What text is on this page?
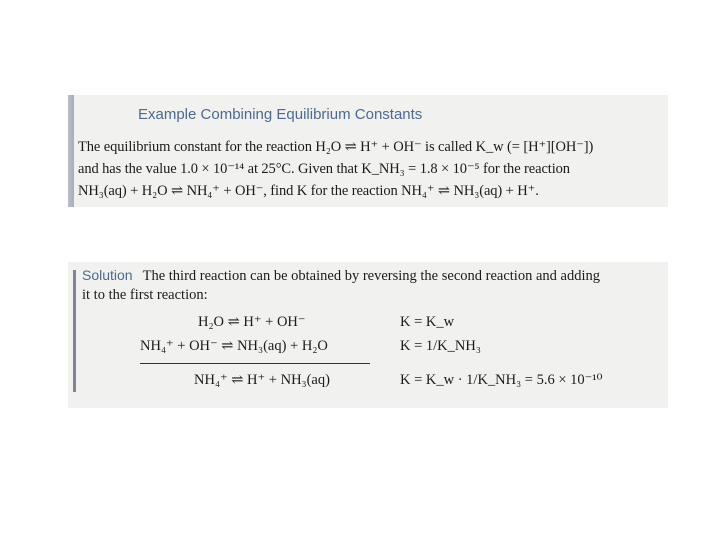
Example Combining Equilibrium Constants
The equilibrium constant for the reaction H₂O ⇌ H⁺ + OH⁻ is called K_w (= [H⁺][OH⁻])
and has the value 1.0 × 10⁻¹⁴ at 25°C. Given that K_NH₃ = 1.8 × 10⁻⁵ for the reaction
NH₃(aq) + H₂O ⇌ NH₄⁺ + OH⁻, find K for the reaction NH₄⁺ ⇌ NH₃(aq) + H⁺.
Solution The third reaction can be obtained by reversing the second reaction and adding
it to the first reaction:
H₂O ⇌ H⁺ + OH⁻	K = K_w
NH₄⁺ + OH⁻ ⇌ NH₃(aq) + H₂O	K = 1/K_NH₃
NH₄⁺ ⇌ H⁺ + NH₃(aq)	K = K_w · 1/K_NH₃ = 5.6 × 10⁻¹⁰
